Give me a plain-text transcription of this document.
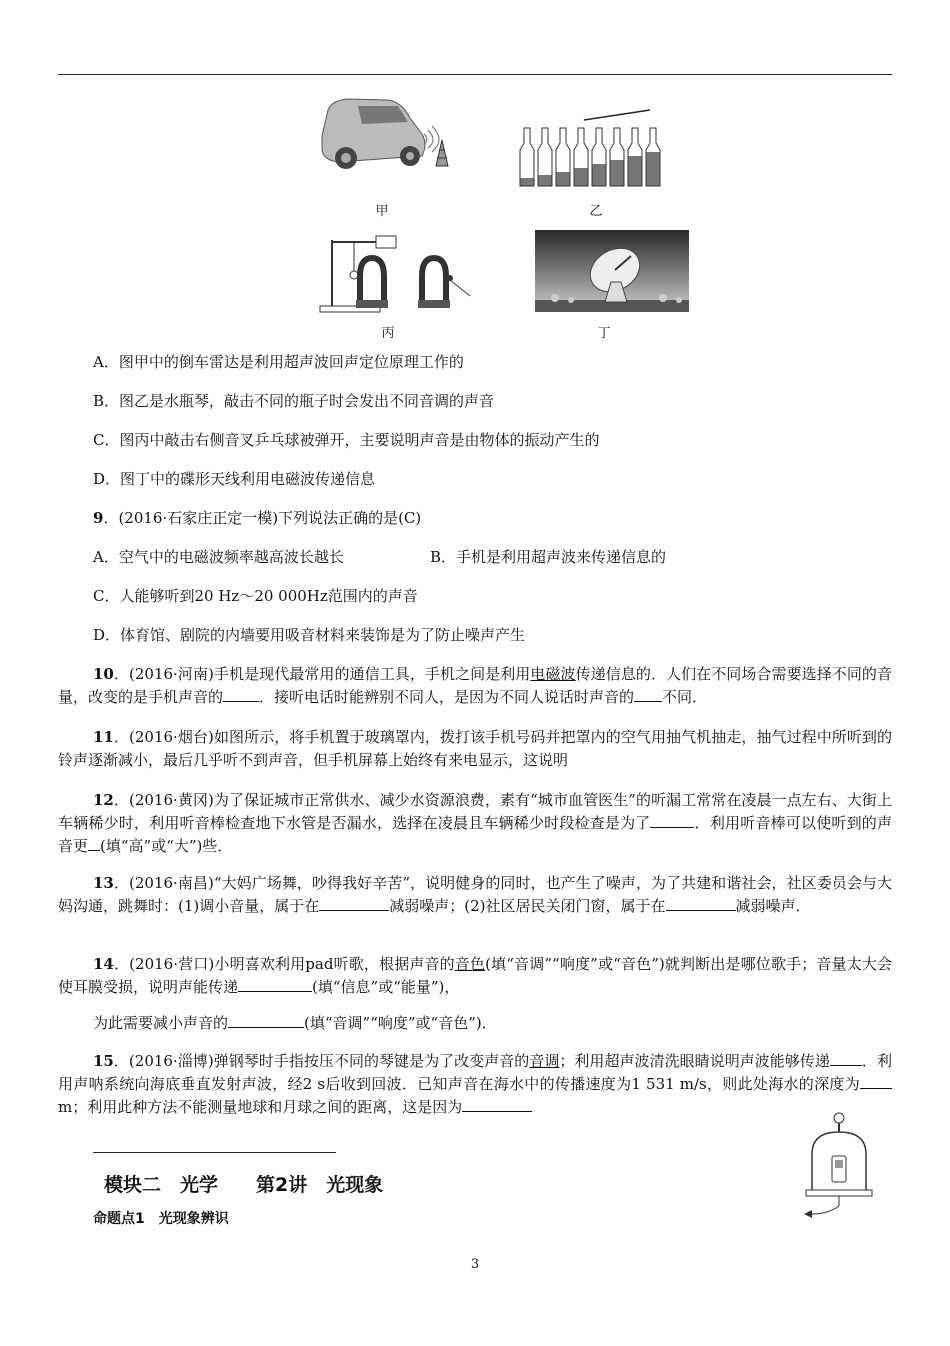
甲	乙
丙	丁
A．图甲中的倒车雷达是利用超声波回声定位原理工作的
B．图乙是水瓶琴，敲击不同的瓶子时会发出不同音调的声音
C．图丙中敲击右侧音叉乒乓球被弹开，主要说明声音是由物体的振动产生的
D．图丁中的碟形天线利用电磁波传递信息
9．(2016·石家庄正定一模)下列说法正确的是(C)
A．空气中的电磁波频率越高波长越长	B．手机是利用超声波来传递信息的
C．人能够听到20 Hz～20 000Hz范围内的声音
D．体育馆、剧院的内墙要用吸音材料来装饰是为了防止噪声产生
10．(2016·河南)手机是现代最常用的通信工具，手机之间是利用电磁波传递信息的．人们在不同场合需要选择不同的音量，改变的是手机声音的 ．接听电话时能辨别不同人，是因为不同人说话时声音的 不同．
11．(2016·烟台)如图所示，将手机置于玻璃罩内，拨打该手机号码并把罩内的空气用抽气机抽走，抽气过程中所听到的铃声逐渐减小，最后几乎听不到声音，但手机屏幕上始终有来电显示，这说明
12．(2016·黄冈)为了保证城市正常供水、减少水资源浪费，素有“城市血管医生”的听漏工常常在凌晨一点左右、大街上车辆稀少时，利用听音棒检查地下水管是否漏水，选择在凌晨且车辆稀少时段检查是为了	．利用听音棒可以使听到的声音更 (填“高”或“大”)些．
13．(2016·南昌)“大妈广场舞，吵得我好辛苦”，说明健身的同时，也产生了噪声，为了共建和谐社会，社区委员会与大妈沟通，跳舞时：(1)调小音量，属于在	减弱噪声；(2)社区居民关闭门窗，属于在	减弱噪声．
14．(2016·营口)小明喜欢利用pad听歌，根据声音的音色(填“音调”“响度”或“音色”)就判断出是哪位歌手；音量太大会使耳膜受损，说明声能传递	(填“信息”或“能量”)，
为此需要减小声音的	(填“音调”“响度”或“音色”)．
15．(2016·淄博)弹钢琴时手指按压不同的琴键是为了改变声音的音调；利用超声波清洗眼睛说明声波能够传递 ．利用声呐系统向海底垂直发射声波，经2 s后收到回波．已知声音在海水中的传播速度为1 531 m/s，则此处海水的深度为m；利用此种方法不能测量地球和月球之间的距离，这是因为
模块二　光学　　第2讲　光现象
命题点1　光现象辨识
3
